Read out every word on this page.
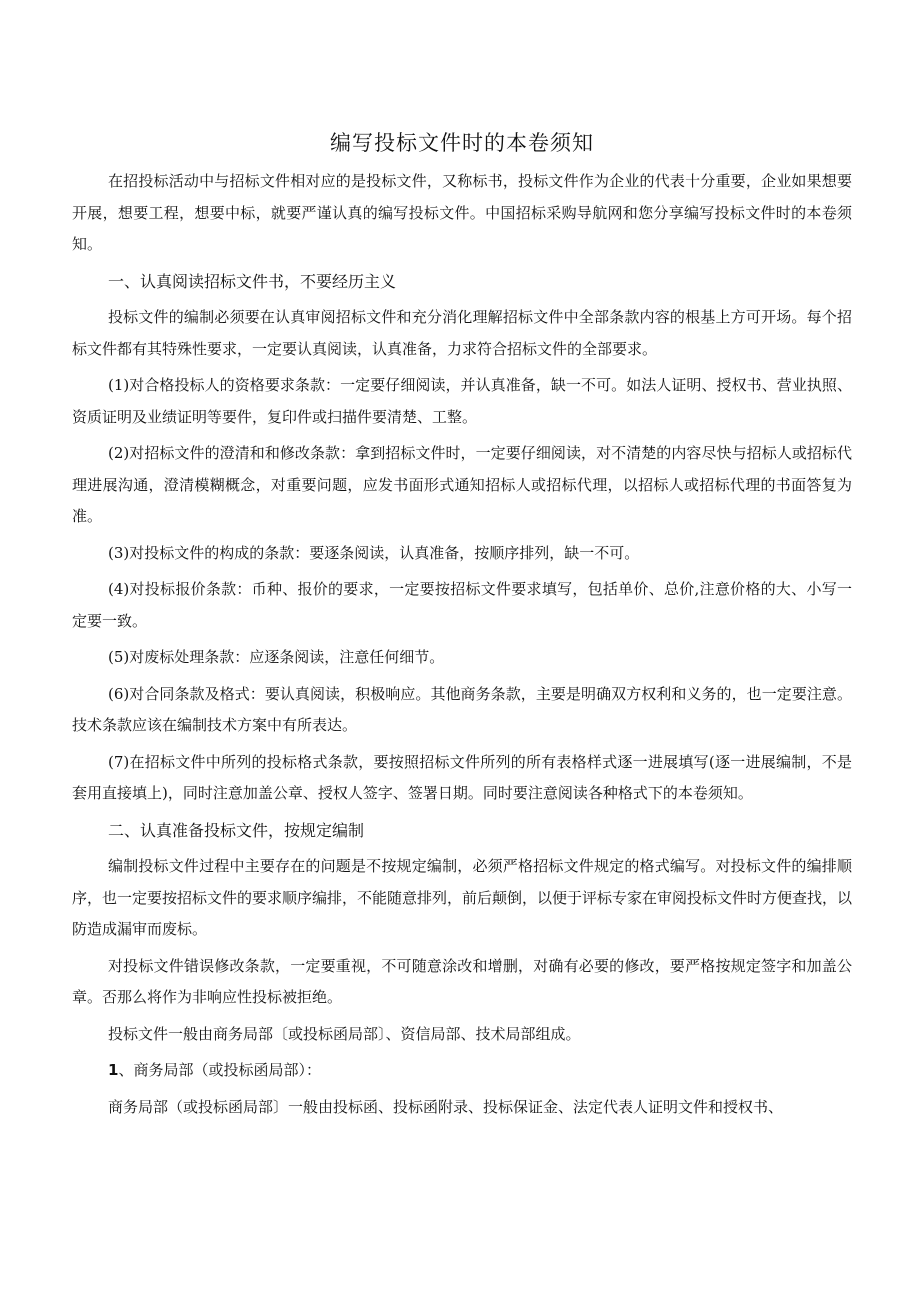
编写投标文件时的本卷须知

在招投标活动中与招标文件相对应的是投标文件，又称标书，投标文件作为企业的代表十分重要，企业如果想要开展，想要工程，想要中标，就要严谨认真的编写投标文件。中国招标采购导航网和您分享编写投标文件时的本卷须知。

一、认真阅读招标文件书，不要经历主义

投标文件的编制必须要在认真审阅招标文件和充分消化理解招标文件中全部条款内容的根基上方可开场。每个招标文件都有其特殊性要求，一定要认真阅读，认真准备，力求符合招标文件的全部要求。

(1)对合格投标人的资格要求条款：一定要仔细阅读，并认真准备，缺一不可。如法人证明、授权书、营业执照、资质证明及业绩证明等要件，复印件或扫描件要清楚、工整。

(2)对招标文件的澄清和和修改条款：拿到招标文件时，一定要仔细阅读，对不清楚的内容尽快与招标人或招标代理进展沟通，澄清模糊概念，对重要问题，应发书面形式通知招标人或招标代理，以招标人或招标代理的书面答复为准。

(3)对投标文件的构成的条款：要逐条阅读，认真准备，按顺序排列，缺一不可。

(4)对投标报价条款：币种、报价的要求，一定要按招标文件要求填写，包括单价、总价,注意价格的大、小写一定要一致。

(5)对废标处理条款：应逐条阅读，注意任何细节。

(6)对合同条款及格式：要认真阅读，积极响应。其他商务条款，主要是明确双方权利和义务的，也一定要注意。技术条款应该在编制技术方案中有所表达。

(7)在招标文件中所列的投标格式条款，要按照招标文件所列的所有表格样式逐一进展填写(逐一进展编制，不是套用直接填上)，同时注意加盖公章、授权人签字、签署日期。同时要注意阅读各种格式下的本卷须知。

二、认真准备投标文件，按规定编制

编制投标文件过程中主要存在的问题是不按规定编制，必须严格招标文件规定的格式编写。对投标文件的编排顺序，也一定要按招标文件的要求顺序编排，不能随意排列，前后颠倒，以便于评标专家在审阅投标文件时方便查找，以防造成漏审而废标。

对投标文件错误修改条款，一定要重视，不可随意涂改和增删，对确有必要的修改，要严格按规定签字和加盖公章。否那么将作为非响应性投标被拒绝。

投标文件一般由商务局部〔或投标函局部〕、资信局部、技术局部组成。

1、商务局部（或投标函局部）：

商务局部（或投标函局部〕一般由投标函、投标函附录、投标保证金、法定代表人证明文件和授权书、
